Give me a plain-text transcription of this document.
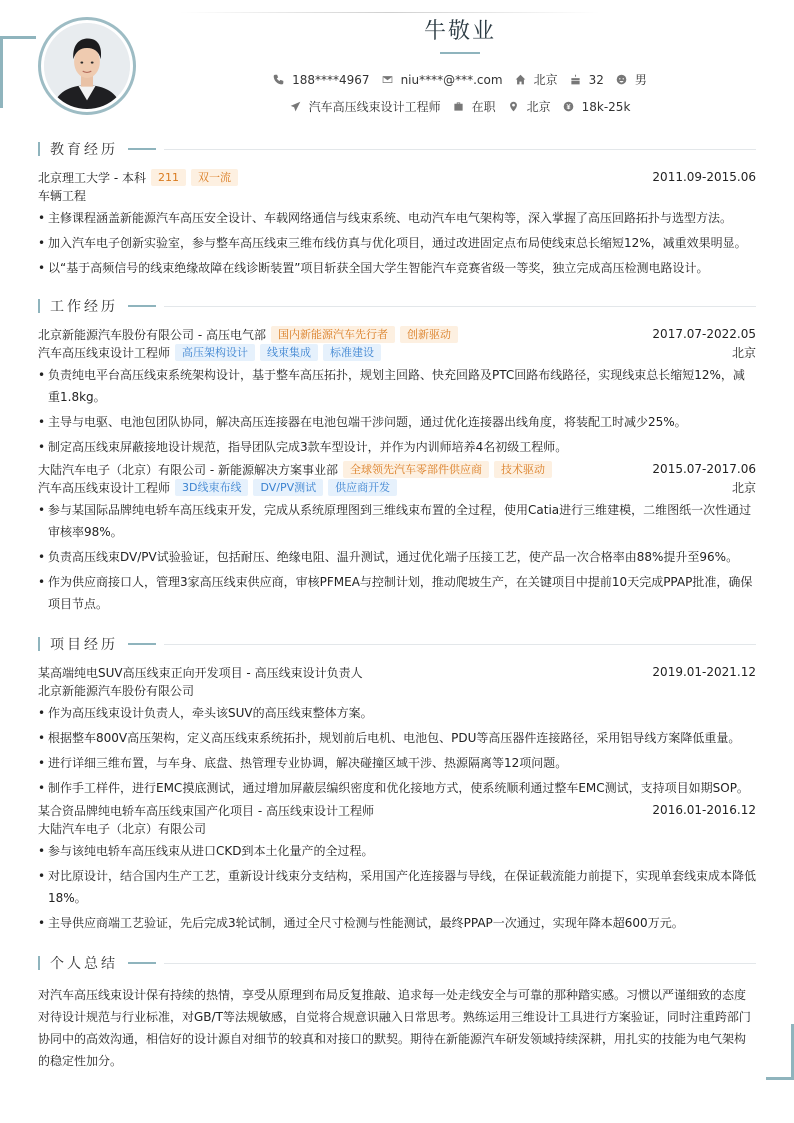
牛敬业
188****4967	niu****@***.com	北京	32	男
汽车高压线束设计工程师	在职	北京	18k-25k
教育经历
北京理工大学 - 本科	211	双一流	2011.09-2015.06
车辆工程
• 主修课程涵盖新能源汽车高压安全设计、车载网络通信与线束系统、电动汽车电气架构等，深入掌握了高压回路拓扑与选型方法。
• 加入汽车电子创新实验室，参与整车高压线束三维布线仿真与优化项目，通过改进固定点布局使线束总长缩短12%，减重效果明显。
• 以“基于高频信号的线束绝缘故障在线诊断装置”项目斩获全国大学生智能汽车竞赛省级一等奖，独立完成高压检测电路设计。
工作经历
北京新能源汽车股份有限公司 - 高压电气部	国内新能源汽车先行者	创新驱动	2017.07-2022.05
汽车高压线束设计工程师	高压架构设计	线束集成	标准建设	北京
• 负责纯电平台高压线束系统架构设计，基于整车高压拓扑，规划主回路、快充回路及PTC回路布线路径，实现线束总长缩短12%，减重1.8kg。
• 主导与电驱、电池包团队协同，解决高压连接器在电池包端干涉问题，通过优化连接器出线角度，将装配工时减少25%。
• 制定高压线束屏蔽接地设计规范，指导团队完成3款车型设计，并作为内训师培养4名初级工程师。
大陆汽车电子（北京）有限公司 - 新能源解决方案事业部	全球领先汽车零部件供应商	技术驱动	2015.07-2017.06
汽车高压线束设计工程师	3D线束布线	DV/PV测试	供应商开发	北京
• 参与某国际品牌纯电轿车高压线束开发，完成从系统原理图到三维线束布置的全过程，使用Catia进行三维建模，二维图纸一次性通过审核率98%。
• 负责高压线束DV/PV试验验证，包括耐压、绝缘电阻、温升测试，通过优化端子压接工艺，使产品一次合格率由88%提升至96%。
• 作为供应商接口人，管理3家高压线束供应商，审核PFMEA与控制计划，推动爬坡生产，在关键项目中提前10天完成PPAP批准，确保项目节点。
项目经历
某高端纯电SUV高压线束正向开发项目 - 高压线束设计负责人	2019.01-2021.12
北京新能源汽车股份有限公司
• 作为高压线束设计负责人，牵头该SUV的高压线束整体方案。
• 根据整车800V高压架构，定义高压线束系统拓扑，规划前后电机、电池包、PDU等高压器件连接路径，采用铝导线方案降低重量。
• 进行详细三维布置，与车身、底盘、热管理专业协调，解决碰撞区域干涉、热源隔离等12项问题。
• 制作手工样件，进行EMC摸底测试，通过增加屏蔽层编织密度和优化接地方式，使系统顺利通过整车EMC测试，支持项目如期SOP。
某合资品牌纯电轿车高压线束国产化项目 - 高压线束设计工程师	2016.01-2016.12
大陆汽车电子（北京）有限公司
• 参与该纯电轿车高压线束从进口CKD到本土化量产的全过程。
• 对比原设计，结合国内生产工艺，重新设计线束分支结构，采用国产化连接器与导线，在保证载流能力前提下，实现单套线束成本降低18%。
• 主导供应商端工艺验证，先后完成3轮试制，通过全尺寸检测与性能测试，最终PPAP一次通过，实现年降本超600万元。
个人总结

对汽车高压线束设计保有持续的热情，享受从原理到布局反复推敲、追求每一处走线安全与可靠的那种踏实感。习惯以严谨细致的态度对待设计规范与行业标准，对GB/T等法规敏感，自觉将合规意识融入日常思考。熟练运用三维设计工具进行方案验证，同时注重跨部门协同中的高效沟通，相信好的设计源自对细节的较真和对接口的默契。期待在新能源汽车研发领域持续深耕，用扎实的技能为电气架构的稳定性加分。
